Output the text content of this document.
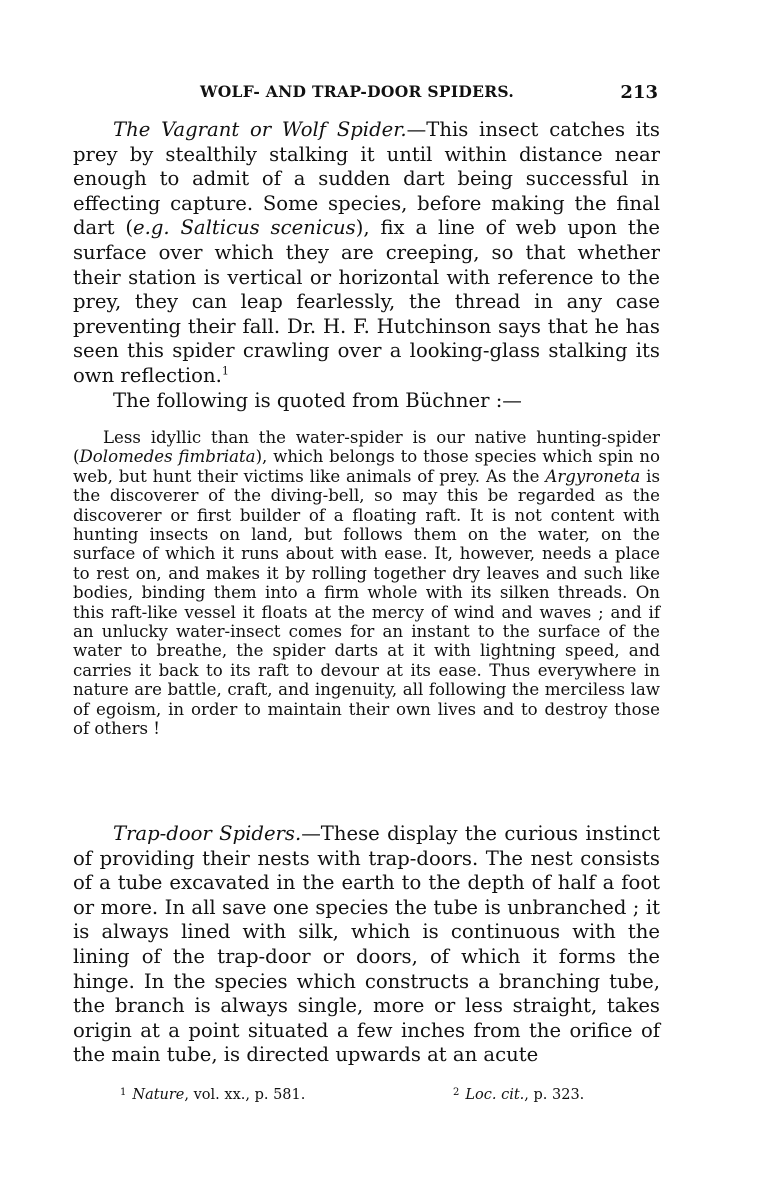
WOLF- AND TRAP-DOOR SPIDERS.	213

The Vagrant or Wolf Spider.—This insect catches its prey by stealthily stalking it until within distance near enough to admit of a sudden dart being successful in effecting capture. Some species, before making the final dart (e.g. Salticus scenicus), fix a line of web upon the surface over which they are creeping, so that whether their station is vertical or horizontal with reference to the prey, they can leap fearlessly, the thread in any case preventing their fall. Dr. H. F. Hutchinson says that he has seen this spider crawling over a looking-glass stalking its own reflection.$^1$

The following is quoted from Büchner :—

Less idyllic than the water-spider is our native hunting-spider (Dolomedes fimbriata), which belongs to those species which spin no web, but hunt their victims like animals of prey. As the Argyroneta is the discoverer of the diving-bell, so may this be regarded as the discoverer or first builder of a floating raft. It is not content with hunting insects on land, but follows them on the water, on the surface of which it runs about with ease. It, however, needs a place to rest on, and makes it by rolling together dry leaves and such like bodies, binding them into a firm whole with its silken threads. On this raft-like vessel it floats at the mercy of wind and waves ; and if an unlucky water-insect comes for an instant to the surface of the water to breathe, the spider darts at it with lightning speed, and carries it back to its raft to devour at its ease. Thus everywhere in nature are battle, craft, and ingenuity, all following the merciless law of egoism, in order to maintain their own lives and to destroy those of others !

Trap-door Spiders.—These display the curious instinct of providing their nests with trap-doors. The nest consists of a tube excavated in the earth to the depth of half a foot or more. In all save one species the tube is unbranched ; it is always lined with silk, which is continuous with the lining of the trap-door or doors, of which it forms the hinge. In the species which constructs a branching tube, the branch is always single, more or less straight, takes origin at a point situated a few inches from the orifice of the main tube, is directed upwards at an acute

$^1$ Nature, vol. xx., p. 581.	$^2$ Loc. cit., p. 323.
